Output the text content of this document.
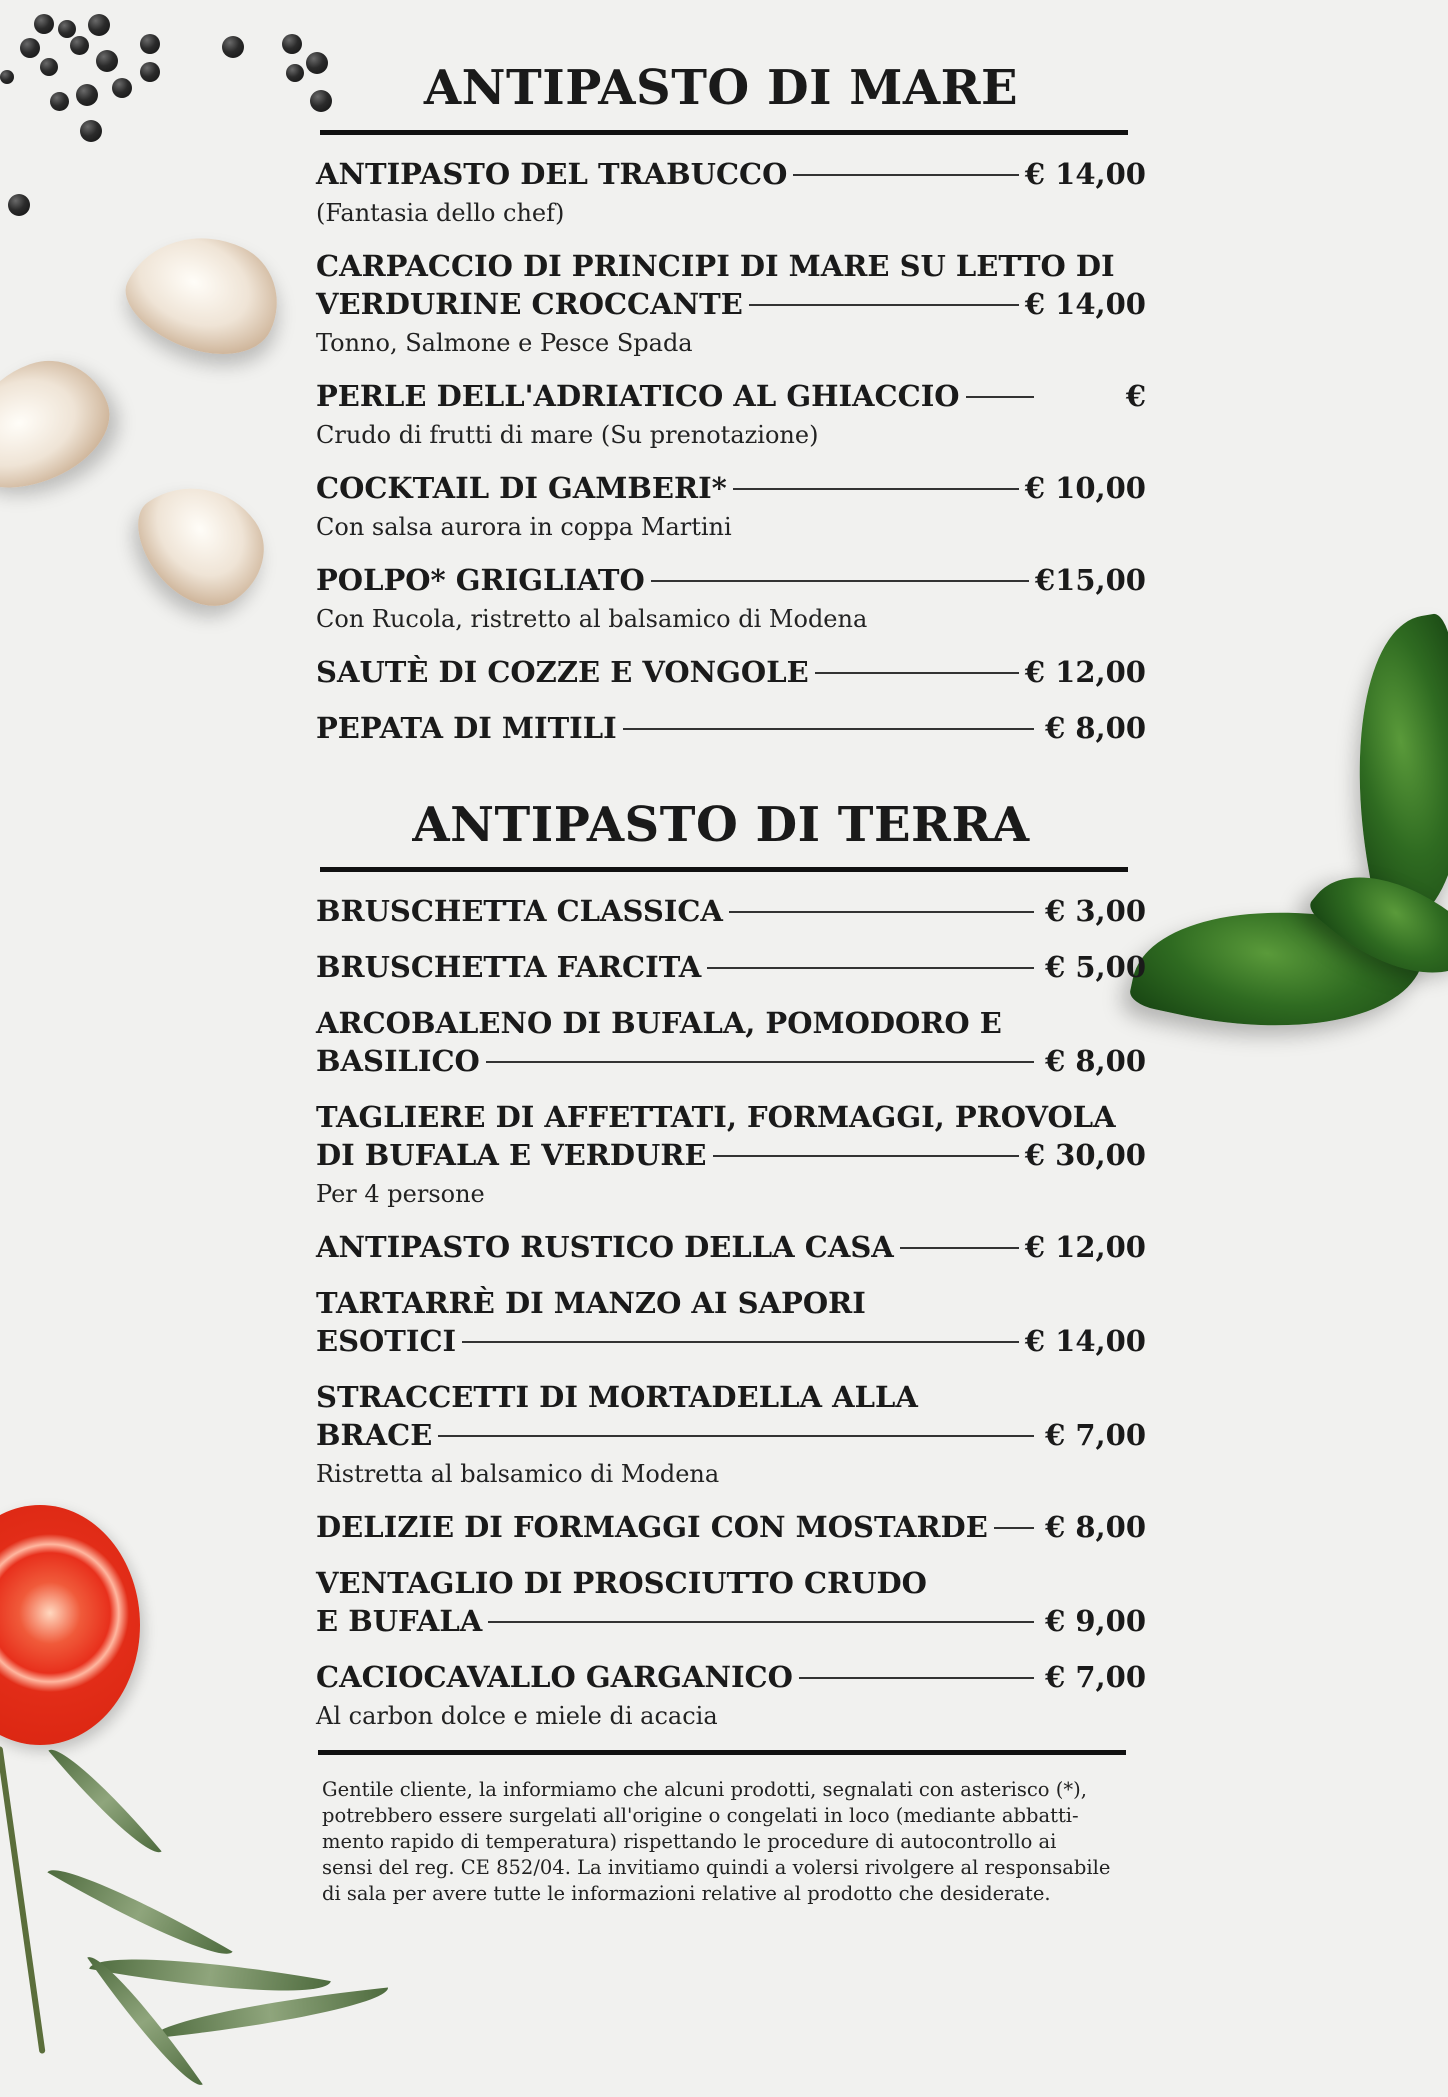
ANTIPASTO DI MARE
ANTIPASTO DEL TRABUCCO	€ 14,00
(Fantasia dello chef)
CARPACCIO DI PRINCIPI DI MARE SU LETTO DI
VERDURINE CROCCANTE	€ 14,00
Tonno, Salmone e Pesce Spada
PERLE DELL'ADRIATICO AL GHIACCIO	€
Crudo di frutti di mare (Su prenotazione)
COCKTAIL DI GAMBERI*	€ 10,00
Con salsa aurora in coppa Martini
POLPO* GRIGLIATO	€15,00
Con Rucola, ristretto al balsamico di Modena
SAUTÈ DI COZZE E VONGOLE	€ 12,00
PEPATA DI MITILI	€ 8,00
ANTIPASTO DI TERRA
BRUSCHETTA CLASSICA	€ 3,00
BRUSCHETTA FARCITA	€ 5,00
ARCOBALENO DI BUFALA, POMODORO E
BASILICO	€ 8,00
TAGLIERE DI AFFETTATI, FORMAGGI, PROVOLA
DI BUFALA E VERDURE	€ 30,00
Per 4 persone
ANTIPASTO RUSTICO DELLA CASA	€ 12,00
TARTARRÈ DI MANZO AI SAPORI
ESOTICI	€ 14,00
STRACCETTI DI MORTADELLA ALLA
BRACE	€ 7,00
Ristretta al balsamico di Modena
DELIZIE DI FORMAGGI CON MOSTARDE € 8,00
VENTAGLIO DI PROSCIUTTO CRUDO
E BUFALA	€ 9,00
CACIOCAVALLO GARGANICO	€ 7,00
Al carbon dolce e miele di acacia
Gentile cliente, la informiamo che alcuni prodotti, segnalati con asterisco (*),
potrebbero essere surgelati all'origine o congelati in loco (mediante abbatti-
mento rapido di temperatura) rispettando le procedure di autocontrollo ai
sensi del reg. CE 852/04. La invitiamo quindi a volersi rivolgere al responsabile
di sala per avere tutte le informazioni relative al prodotto che desiderate.
